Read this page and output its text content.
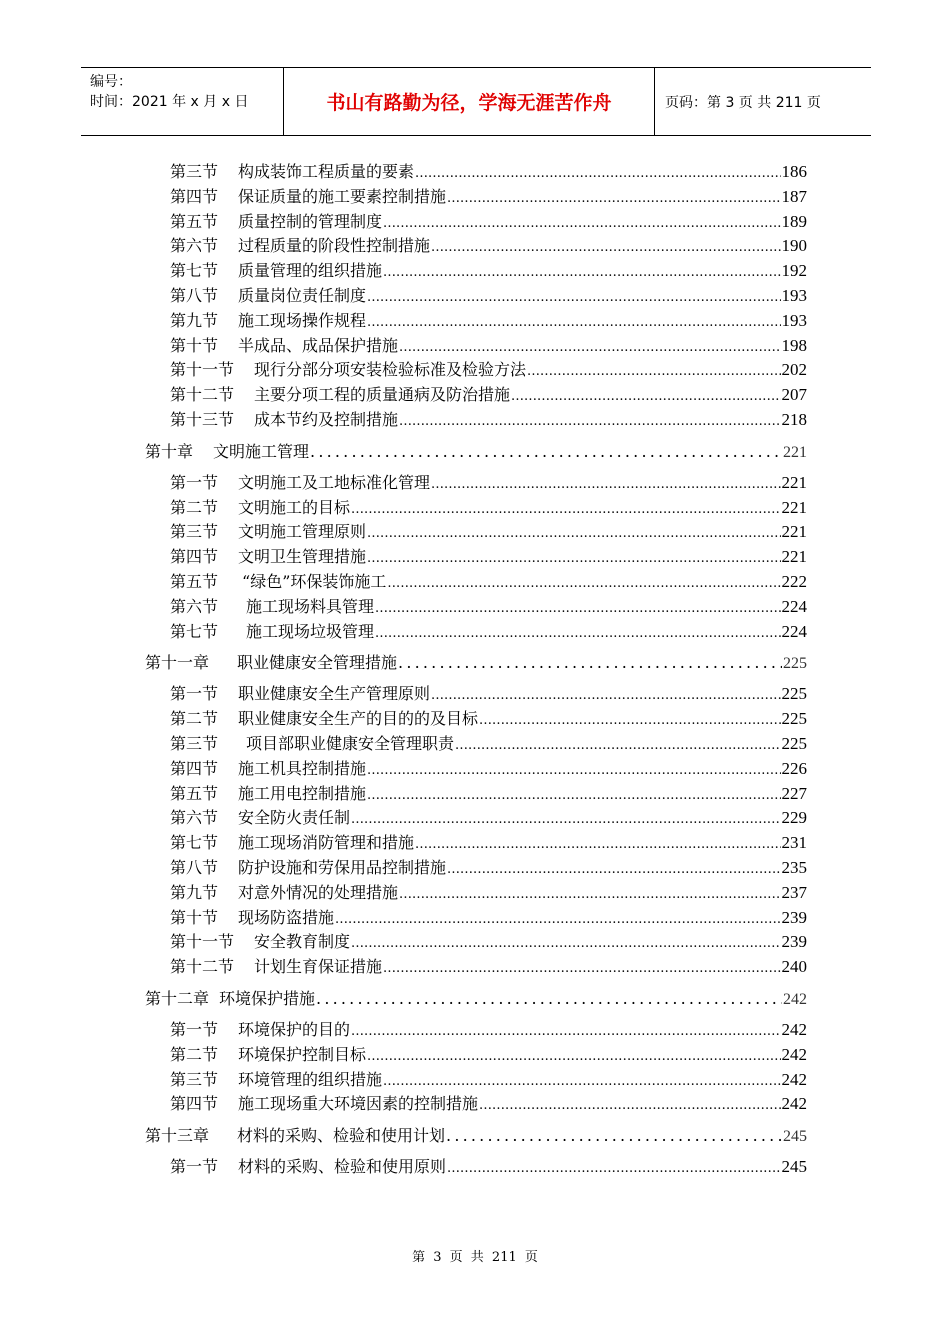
编号：
时间：2021 年 x 月 x 日	书山有路勤为径，学海无涯苦作舟	页码：第 3 页 共 211 页
第三节 构成装饰工程质量的要素 .....	186
第四节 保证质量的施工要素控制措施 .....	187
第五节 质量控制的管理制度 .....	189
第六节 过程质量的阶段性控制措施 .....	190
第七节 质量管理的组织措施 .....	192
第八节 质量岗位责任制度 .....	193
第九节 施工现场操作规程 .....	193
第十节 半成品、成品保护措施 .....	198
第十一节 现行分部分项安装检验标准及检验方法 .....	202
第十二节 主要分项工程的质量通病及防治措施 .....	207
第十三节 成本节约及控制措施 .....	218
第十章 文明施工管理 .....	221
第一节 文明施工及工地标准化管理 .....	221
第二节 文明施工的目标 .....	221
第三节 文明施工管理原则 .....	221
第四节 文明卫生管理措施 .....	221
第五节 “绿色”环保装饰施工 .....	222
第六节 施工现场料具管理 .....	224
第七节 施工现场垃圾管理 .....	224
第十一章 职业健康安全管理措施 .....	225
第一节 职业健康安全生产管理原则 .....	225
第二节 职业健康安全生产的目的的及目标 .....	225
第三节 项目部职业健康安全管理职责 .....	225
第四节 施工机具控制措施 .....	226
第五节 施工用电控制措施 .....	227
第六节 安全防火责任制 .....	229
第七节 施工现场消防管理和措施 .....	231
第八节 防护设施和劳保用品控制措施 .....	235
第九节 对意外情况的处理措施 .....	237
第十节 现场防盗措施 .....	239
第十一节 安全教育制度 .....	239
第十二节 计划生育保证措施 .....	240
第十二章 环境保护措施 .....	242
第一节 环境保护的目的 .....	242
第二节 环境保护控制目标 .....	242
第三节 环境管理的组织措施 .....	242
第四节 施工现场重大环境因素的控制措施 .....	242
第十三章 材料的采购、检验和使用计划 .....	245
第一节 材料的采购、检验和使用原则 .....	245
第 3 页 共 211 页
